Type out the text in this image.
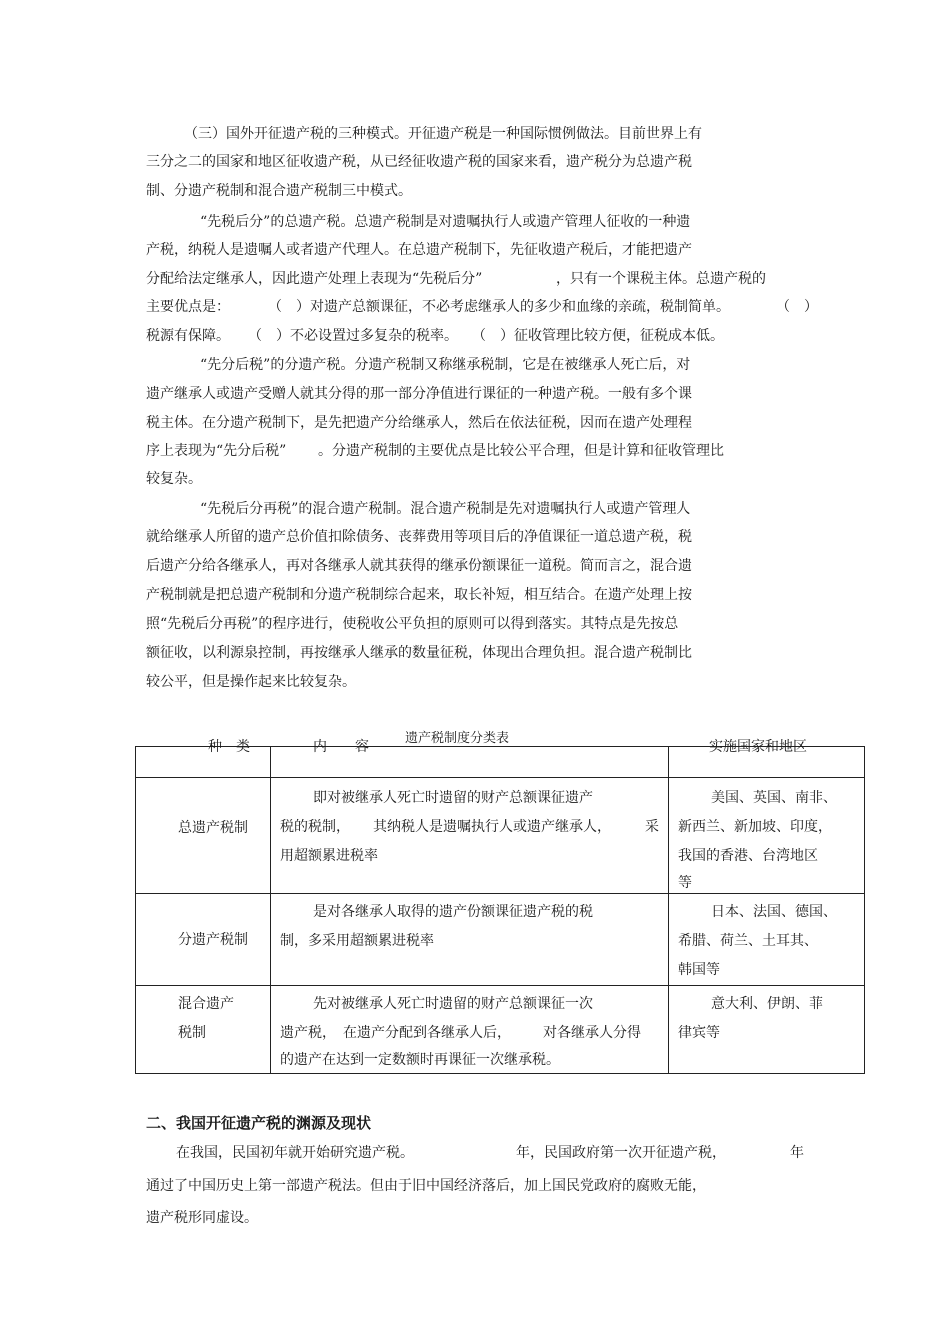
（三）国外开征遗产税的三种模式。开征遗产税是一种国际惯例做法。目前世界上有
三分之二的国家和地区征收遗产税，从已经征收遗产税的国家来看，遗产税分为总遗产税
制、分遗产税制和混合遗产税制三中模式。
“先税后分”的总遗产税。总遗产税制是对遗嘱执行人或遗产管理人征收的一种遗
产税，纳税人是遗嘱人或者遗产代理人。在总遗产税制下，先征收遗产税后，才能把遗产
分配给法定继承人，因此遗产处理上表现为“先税后分”	，只有一个课税主体。总遗产税的
主要优点是：	（　）对遗产总额课征，不必考虑继承人的多少和血缘的亲疏，税制简单。	（　）
税源有保障。 （　）不必设置过多复杂的税率。 （　）征收管理比较方便，征税成本低。
“先分后税”的分遗产税。分遗产税制又称继承税制，它是在被继承人死亡后，对
遗产继承人或遗产受赠人就其分得的那一部分净值进行课征的一种遗产税。一般有多个课
税主体。在分遗产税制下，是先把遗产分给继承人，然后在依法征税，因而在遗产处理程
序上表现为“先分后税” 。分遗产税制的主要优点是比较公平合理，但是计算和征收管理比
较复杂。
“先税后分再税”的混合遗产税制。混合遗产税制是先对遗嘱执行人或遗产管理人
就给继承人所留的遗产总价值扣除债务、丧葬费用等项目后的净值课征一道总遗产税，税
后遗产分给各继承人，再对各继承人就其获得的继承份额课征一道税。简而言之，混合遗
产税制就是把总遗产税制和分遗产税制综合起来，取长补短，相互结合。在遗产处理上按
照“先税后分再税”的程序进行，使税收公平负担的原则可以得到落实。其特点是先按总
额征收，以利源泉控制，再按继承人继承的数量征税，体现出合理负担。混合遗产税制比
较公平，但是操作起来比较复杂。
遗产税制度分类表
种　类	内　　容	实施国家和地区

总遗产税制	即对被继承人死亡时遗留的财产总额课征遗产
税的税制， 其纳税人是遗嘱执行人或遗产继承人， 采
用超额累进税率	美国、英国、南非、
新西兰、新加坡、印度，
我国的香港、台湾地区
等

分遗产税制	是对各继承人取得的遗产份额课征遗产税的税
制，多采用超额累进税率	日本、法国、德国、
希腊、荷兰、土耳其、
韩国等

混合遗产
税制	先对被继承人死亡时遗留的财产总额课征一次
遗产税， 在遗产分配到各继承人后， 对各继承人分得
的遗产在达到一定数额时再课征一次继承税。	意大利、伊朗、菲
律宾等
二、我国开征遗产税的渊源及现状
在我国，民国初年就开始研究遗产税。	年，民国政府第一次开征遗产税，	年
通过了中国历史上第一部遗产税法。但由于旧中国经济落后，加上国民党政府的腐败无能，
遗产税形同虚设。
